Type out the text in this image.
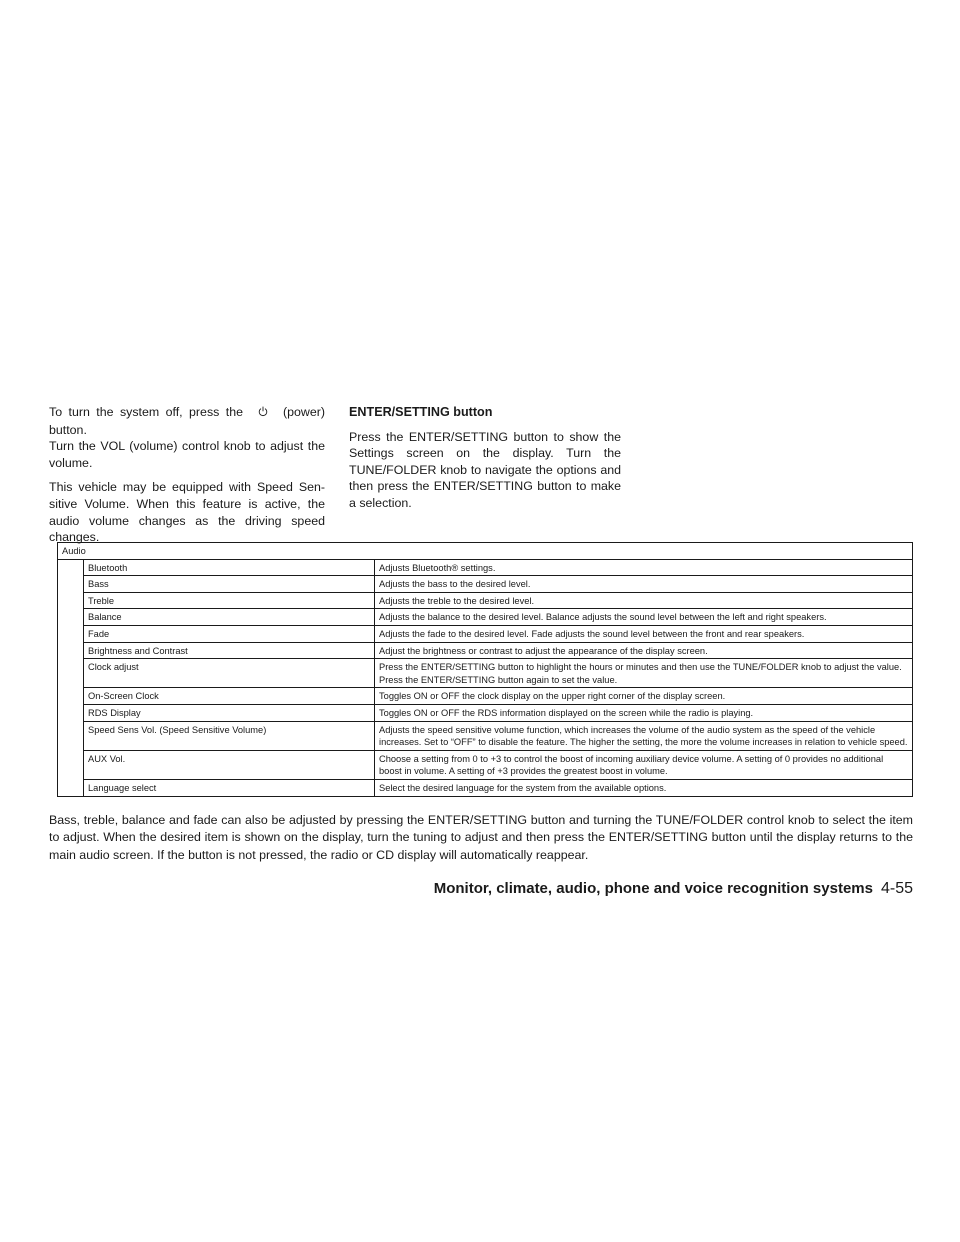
To turn the system off, press the	(power) button.

Turn the VOL (volume) control knob to adjust the volume.

This vehicle may be equipped with Speed Sen- sitive Volume. When this feature is active, the audio volume changes as the driving speed changes.

ENTER/SETTING button

Press the ENTER/SETTING button to show the Settings screen on the display. Turn the TUNE/FOLDER knob to navigate the options and then press the ENTER/SETTING button to make a selection.

Audio		
	Bluetooth	Adjusts Bluetooth® settings.
	Bass	Adjusts the bass to the desired level.
	Treble	Adjusts the treble to the desired level.
	Balance	Adjusts the balance to the desired level. Balance adjusts the sound level between the left and right speakers.
	Fade	Adjusts the fade to the desired level. Fade adjusts the sound level between the front and rear speakers.
	Brightness and Contrast	Adjust the brightness or contrast to adjust the appearance of the display screen.
	Clock adjust	Press the ENTER/SETTING button to highlight the hours or minutes and then use the TUNE/FOLDER knob to adjust the value. Press the ENTER/SETTING button again to set the value.
	On-Screen Clock	Toggles ON or OFF the clock display on the upper right corner of the display screen.
	RDS Display	Toggles ON or OFF the RDS information displayed on the screen while the radio is playing.
	Speed Sens Vol. (Speed Sensitive Volume)	Adjusts the speed sensitive volume function, which increases the volume of the audio system as the speed of the vehicle increases. Set to “OFF” to disable the feature. The higher the setting, the more the volume increases in relation to vehicle speed.
	AUX Vol.	Choose a setting from 0 to +3 to control the boost of incoming auxiliary device volume. A setting of 0 provides no additional boost in volume. A setting of +3 provides the greatest boost in volume.
	Language select	Select the desired language for the system from the available options.

Bass, treble, balance and fade can also be adjusted by pressing the ENTER/SETTING button and turning the TUNE/FOLDER control knob to select the item to adjust. When the desired item is shown on the display, turn the tuning to adjust and then press the ENTER/SETTING button until the display returns to the main audio screen. If the button is not pressed, the radio or CD display will automatically reappear.

Monitor, climate, audio, phone and voice recognition systems 4-55
